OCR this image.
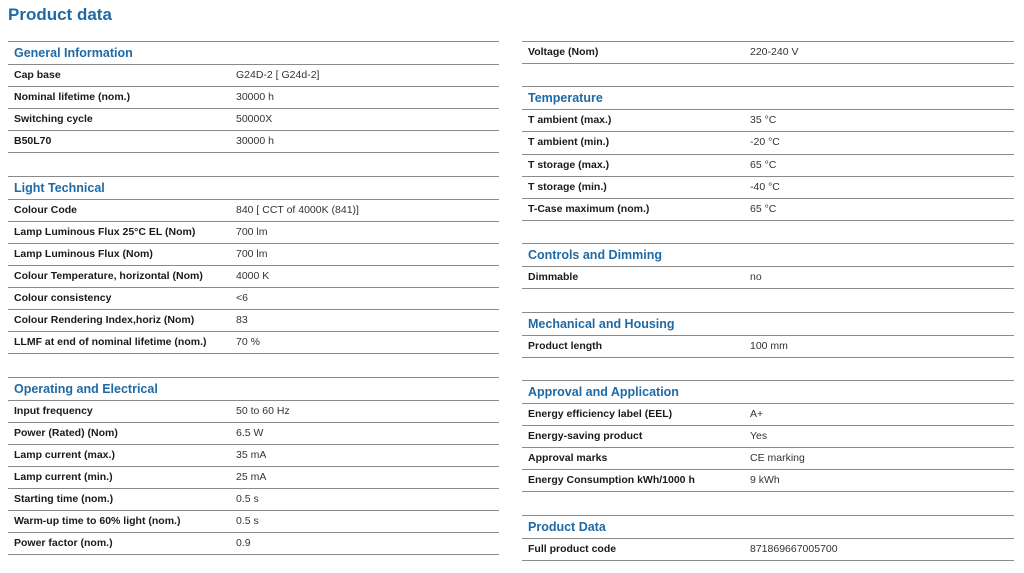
Product data
General Information
Cap base	G24D-2 [ G24d-2]
Nominal lifetime (nom.)	30000 h
Switching cycle	50000X
B50L70	30000 h
Light Technical
Colour Code	840 [ CCT of 4000K (841)]
Lamp Luminous Flux 25°C EL (Nom)	700 lm
Lamp Luminous Flux (Nom)	700 lm
Colour Temperature, horizontal (Nom)	4000 K
Colour consistency	<6
Colour Rendering Index,horiz (Nom)	83
LLMF at end of nominal lifetime (nom.)	70 %
Operating and Electrical
Input frequency	50 to 60 Hz
Power (Rated) (Nom)	6.5 W
Lamp current (max.)	35 mA
Lamp current (min.)	25 mA
Starting time (nom.)	0.5 s
Warm-up time to 60% light (nom.)	0.5 s
Power factor (nom.)	0.9
Voltage (Nom)	220-240 V
Temperature
T ambient (max.)	35 °C
T ambient (min.)	-20 °C
T storage (max.)	65 °C
T storage (min.)	-40 °C
T-Case maximum (nom.)	65 °C
Controls and Dimming
Dimmable	no
Mechanical and Housing
Product length	100 mm
Approval and Application
Energy efficiency label (EEL)	A+
Energy-saving product	Yes
Approval marks	CE marking
Energy Consumption kWh/1000 h	9 kWh
Product Data
Full product code	871869667005700
